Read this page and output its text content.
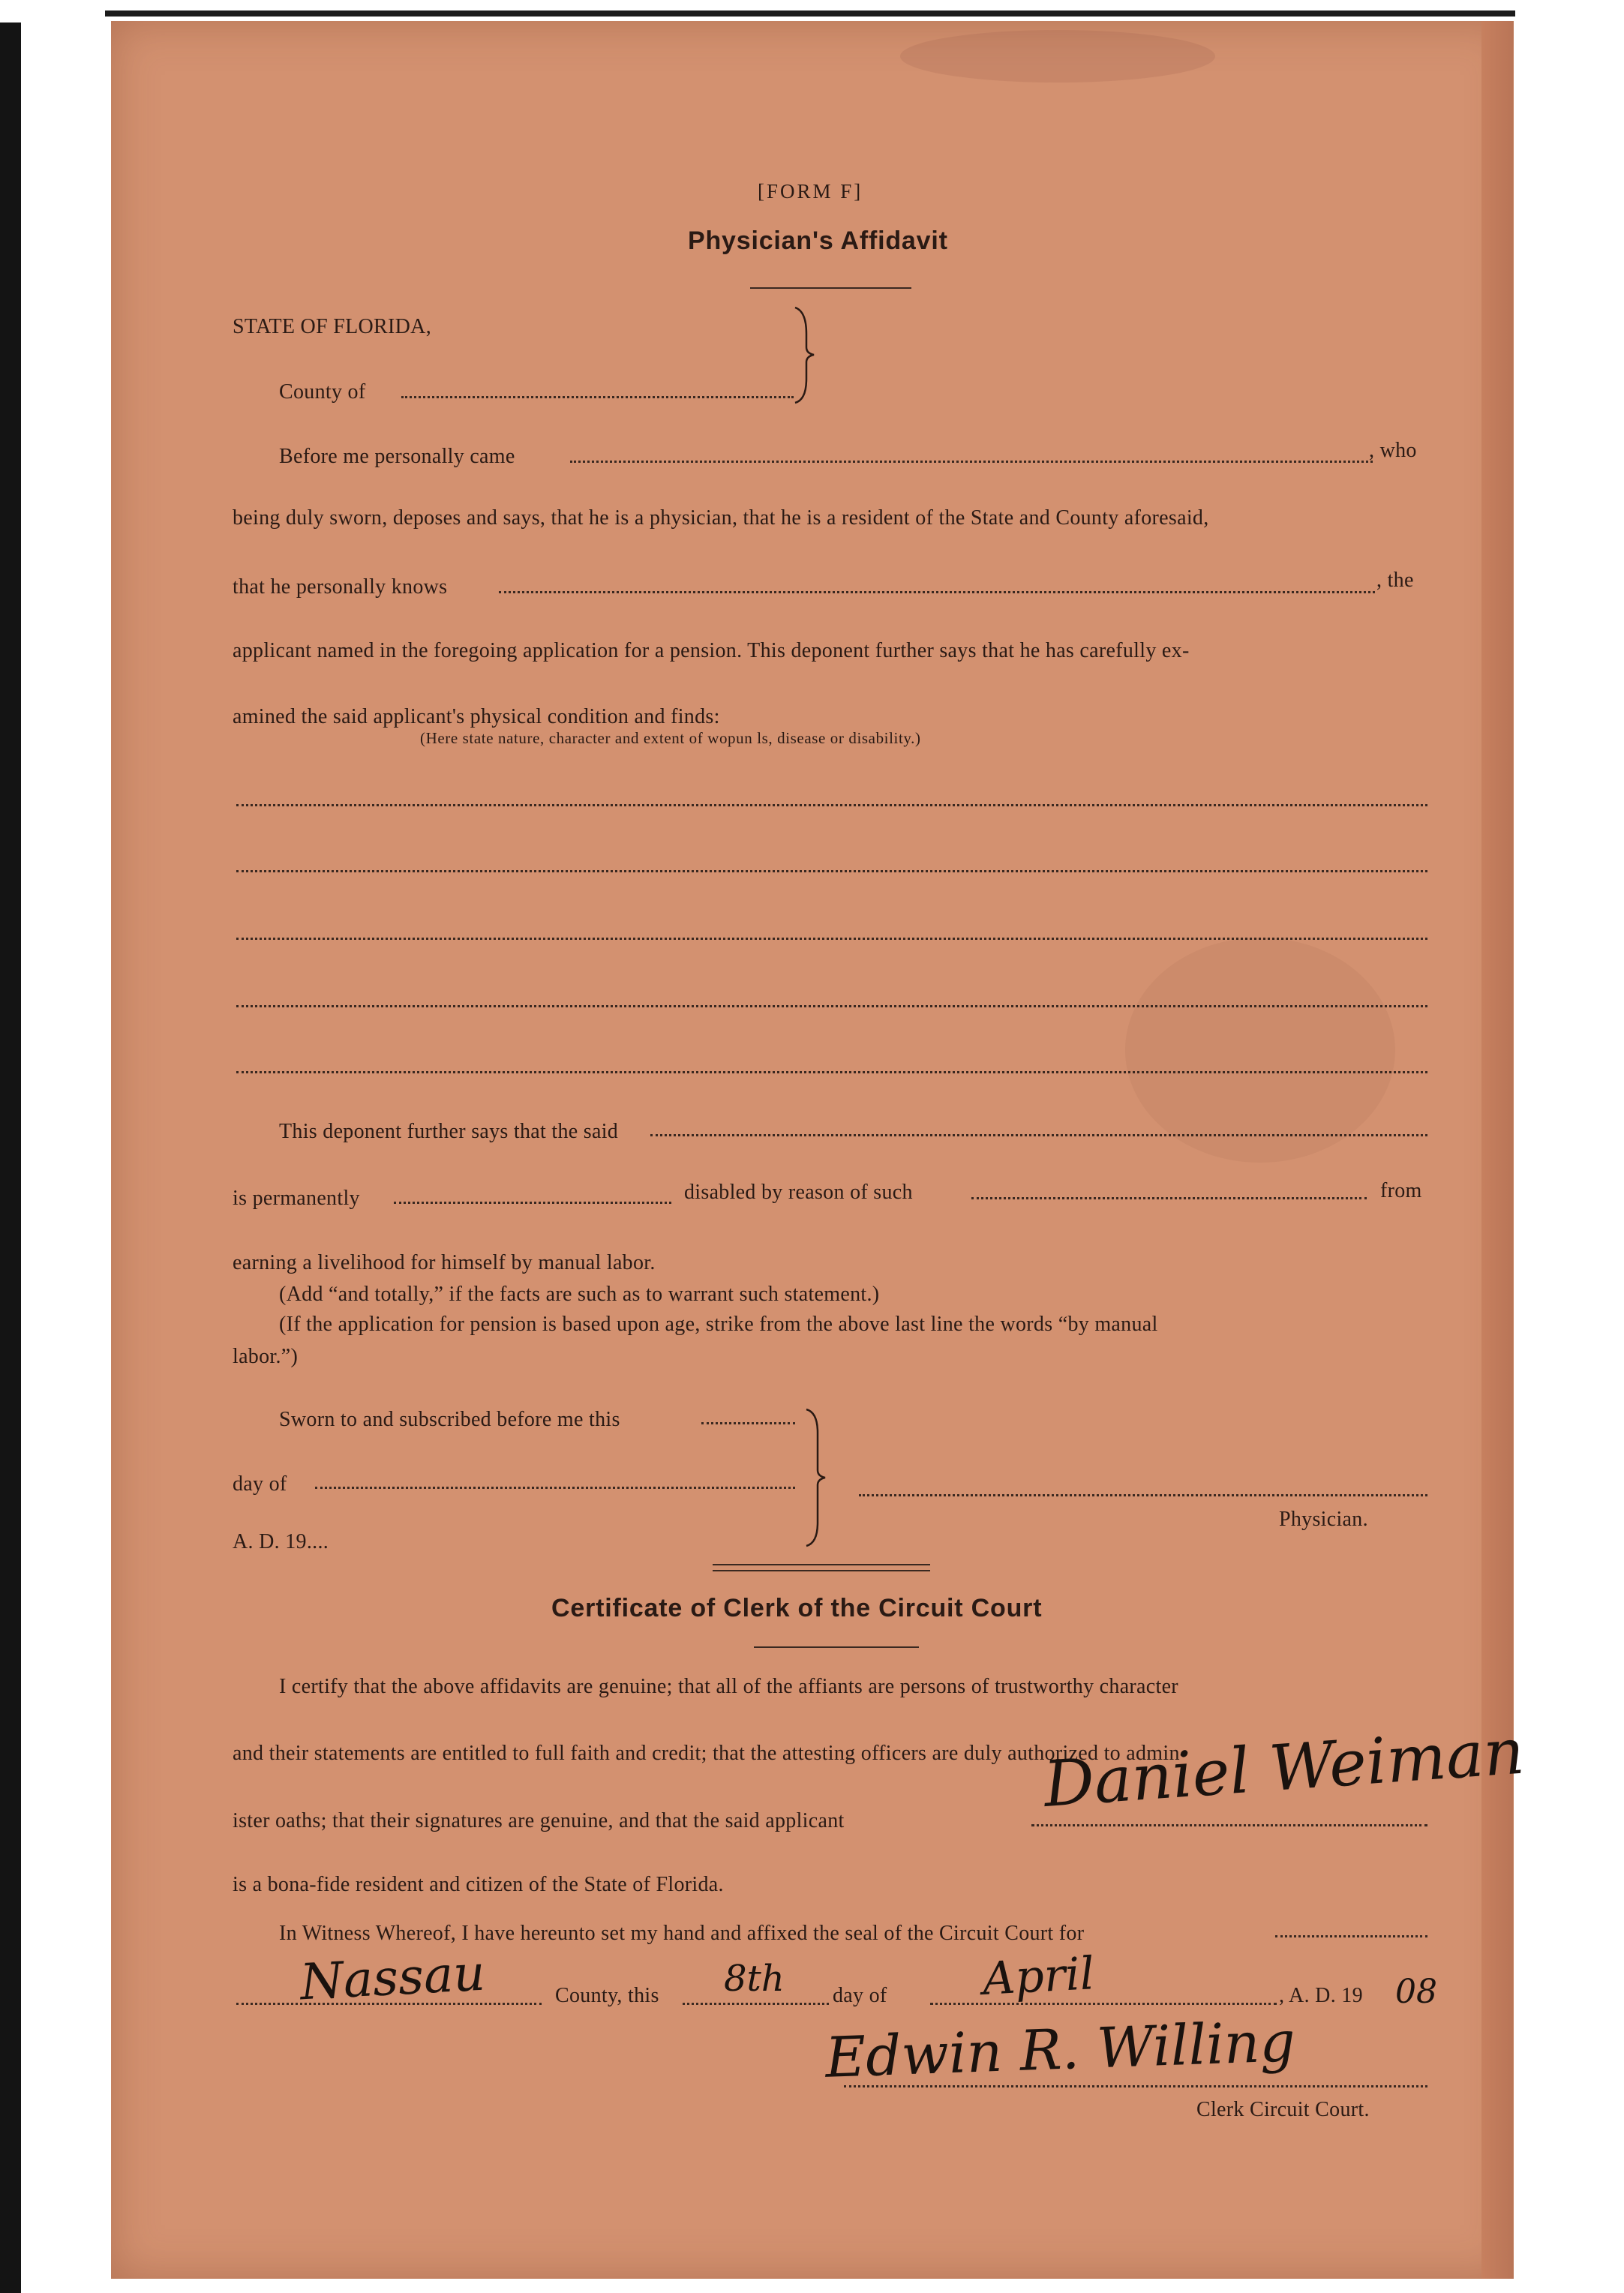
[FORM F]
Physician's Affidavit
STATE OF FLORIDA,
County of
Before me personally came	, who
being duly sworn, deposes and says, that he is a physician, that he is a resident of the State and County aforesaid,
that he personally knows	, the
applicant named in the foregoing application for a pension. This deponent further says that he has carefully ex-
amined the said applicant's physical condition and finds:
(Here state nature, character and extent of wopun ls, disease or disability.)
This deponent further says that the said
is permanently	disabled by reason of such	from
earning a livelihood for himself by manual labor.
(Add “and totally,” if the facts are such as to warrant such statement.)
(If the application for pension is based upon age, strike from the above last line the words “by manual
labor.”)
Sworn to and subscribed before me this
day of
A. D. 19....
Physician.
Certificate of Clerk of the Circuit Court
I certify that the above affidavits are genuine; that all of the affiants are persons of trustworthy character
and their statements are entitled to full faith and credit; that the attesting officers are duly authorized to admin-
ister oaths; that their signatures are genuine, and that the said applicant	Daniel Weiman
is a bona-fide resident and citizen of the State of Florida.
In Witness Whereof, I have hereunto set my hand and affixed the seal of the Circuit Court for
Nassau	County, this 8th day of April	, A. D. 19 08
Edwin R. Willing
Clerk Circuit Court.
